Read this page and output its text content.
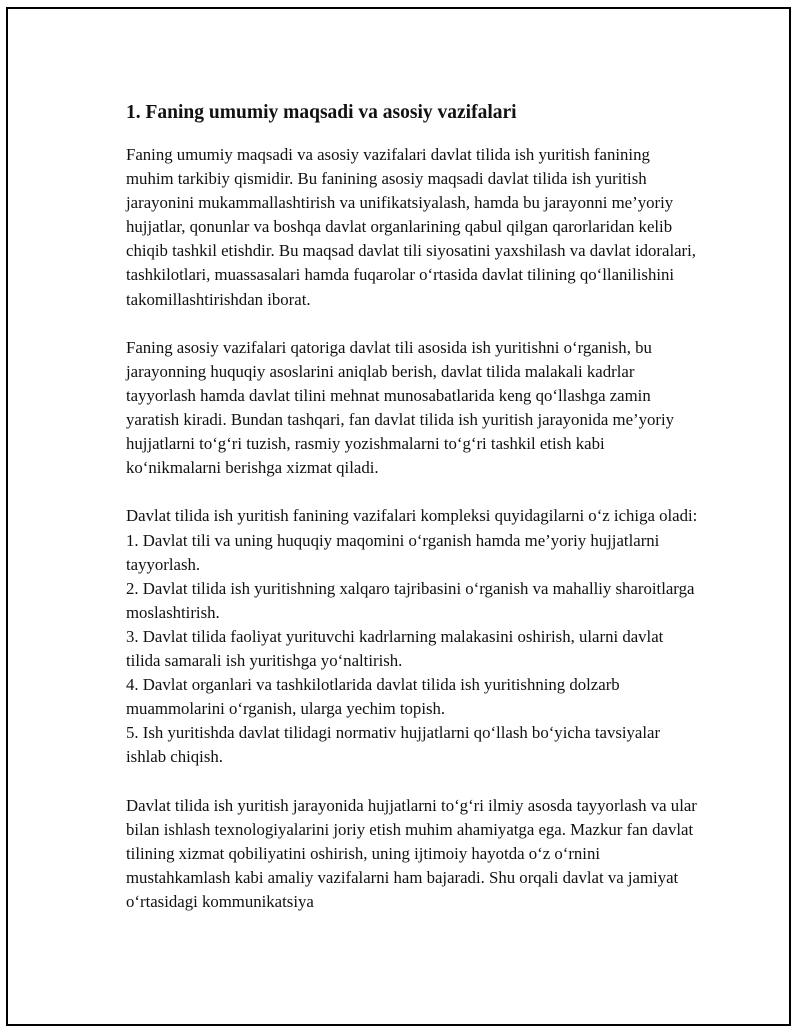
1. Faning umumiy maqsadi va asosiy vazifalari

Faning umumiy maqsadi va asosiy vazifalari davlat tilida ish yuritish fanining muhim tarkibiy qismidir. Bu fanining asosiy maqsadi davlat tilida ish yuritish jarayonini mukammallashtirish va unifikatsiyalash, hamda bu jarayonni me’yoriy hujjatlar, qonunlar va boshqa davlat organlarining qabul qilgan qarorlaridan kelib chiqib tashkil etishdir. Bu maqsad davlat tili siyosatini yaxshilash va davlat idoralari, tashkilotlari, muassasalari hamda fuqarolar o‘rtasida davlat tilining qo‘llanilishini takomillashtirishdan iborat.

Faning asosiy vazifalari qatoriga davlat tili asosida ish yuritishni o‘rganish, bu jarayonning huquqiy asoslarini aniqlab berish, davlat tilida malakali kadrlar tayyorlash hamda davlat tilini mehnat munosabatlarida keng qo‘llashga zamin yaratish kiradi. Bundan tashqari, fan davlat tilida ish yuritish jarayonida me’yoriy hujjatlarni to‘g‘ri tuzish, rasmiy yozishmalarni to‘g‘ri tashkil etish kabi ko‘nikmalarni berishga xizmat qiladi.

Davlat tilida ish yuritish fanining vazifalari kompleksi quyidagilarni o‘z ichiga oladi:

1. Davlat tili va uning huquqiy maqomini o‘rganish hamda me’yoriy hujjatlarni tayyorlash.
2. Davlat tilida ish yuritishning xalqaro tajribasini o‘rganish va mahalliy sharoitlarga moslashtirish.
3. Davlat tilida faoliyat yurituvchi kadrlarning malakasini oshirish, ularni davlat tilida samarali ish yuritishga yo‘naltirish.
4. Davlat organlari va tashkilotlarida davlat tilida ish yuritishning dolzarb muammolarini o‘rganish, ularga yechim topish.
5. Ish yuritishda davlat tilidagi normativ hujjatlarni qo‘llash bo‘yicha tavsiyalar ishlab chiqish.

Davlat tilida ish yuritish jarayonida hujjatlarni to‘g‘ri ilmiy asosda tayyorlash va ular bilan ishlash texnologiyalarini joriy etish muhim ahamiyatga ega. Mazkur fan davlat tilining xizmat qobiliyatini oshirish, uning ijtimoiy hayotda o‘z o‘rnini mustahkamlash kabi amaliy vazifalarni ham bajaradi. Shu orqali davlat va jamiyat o‘rtasidagi kommunikatsiya
